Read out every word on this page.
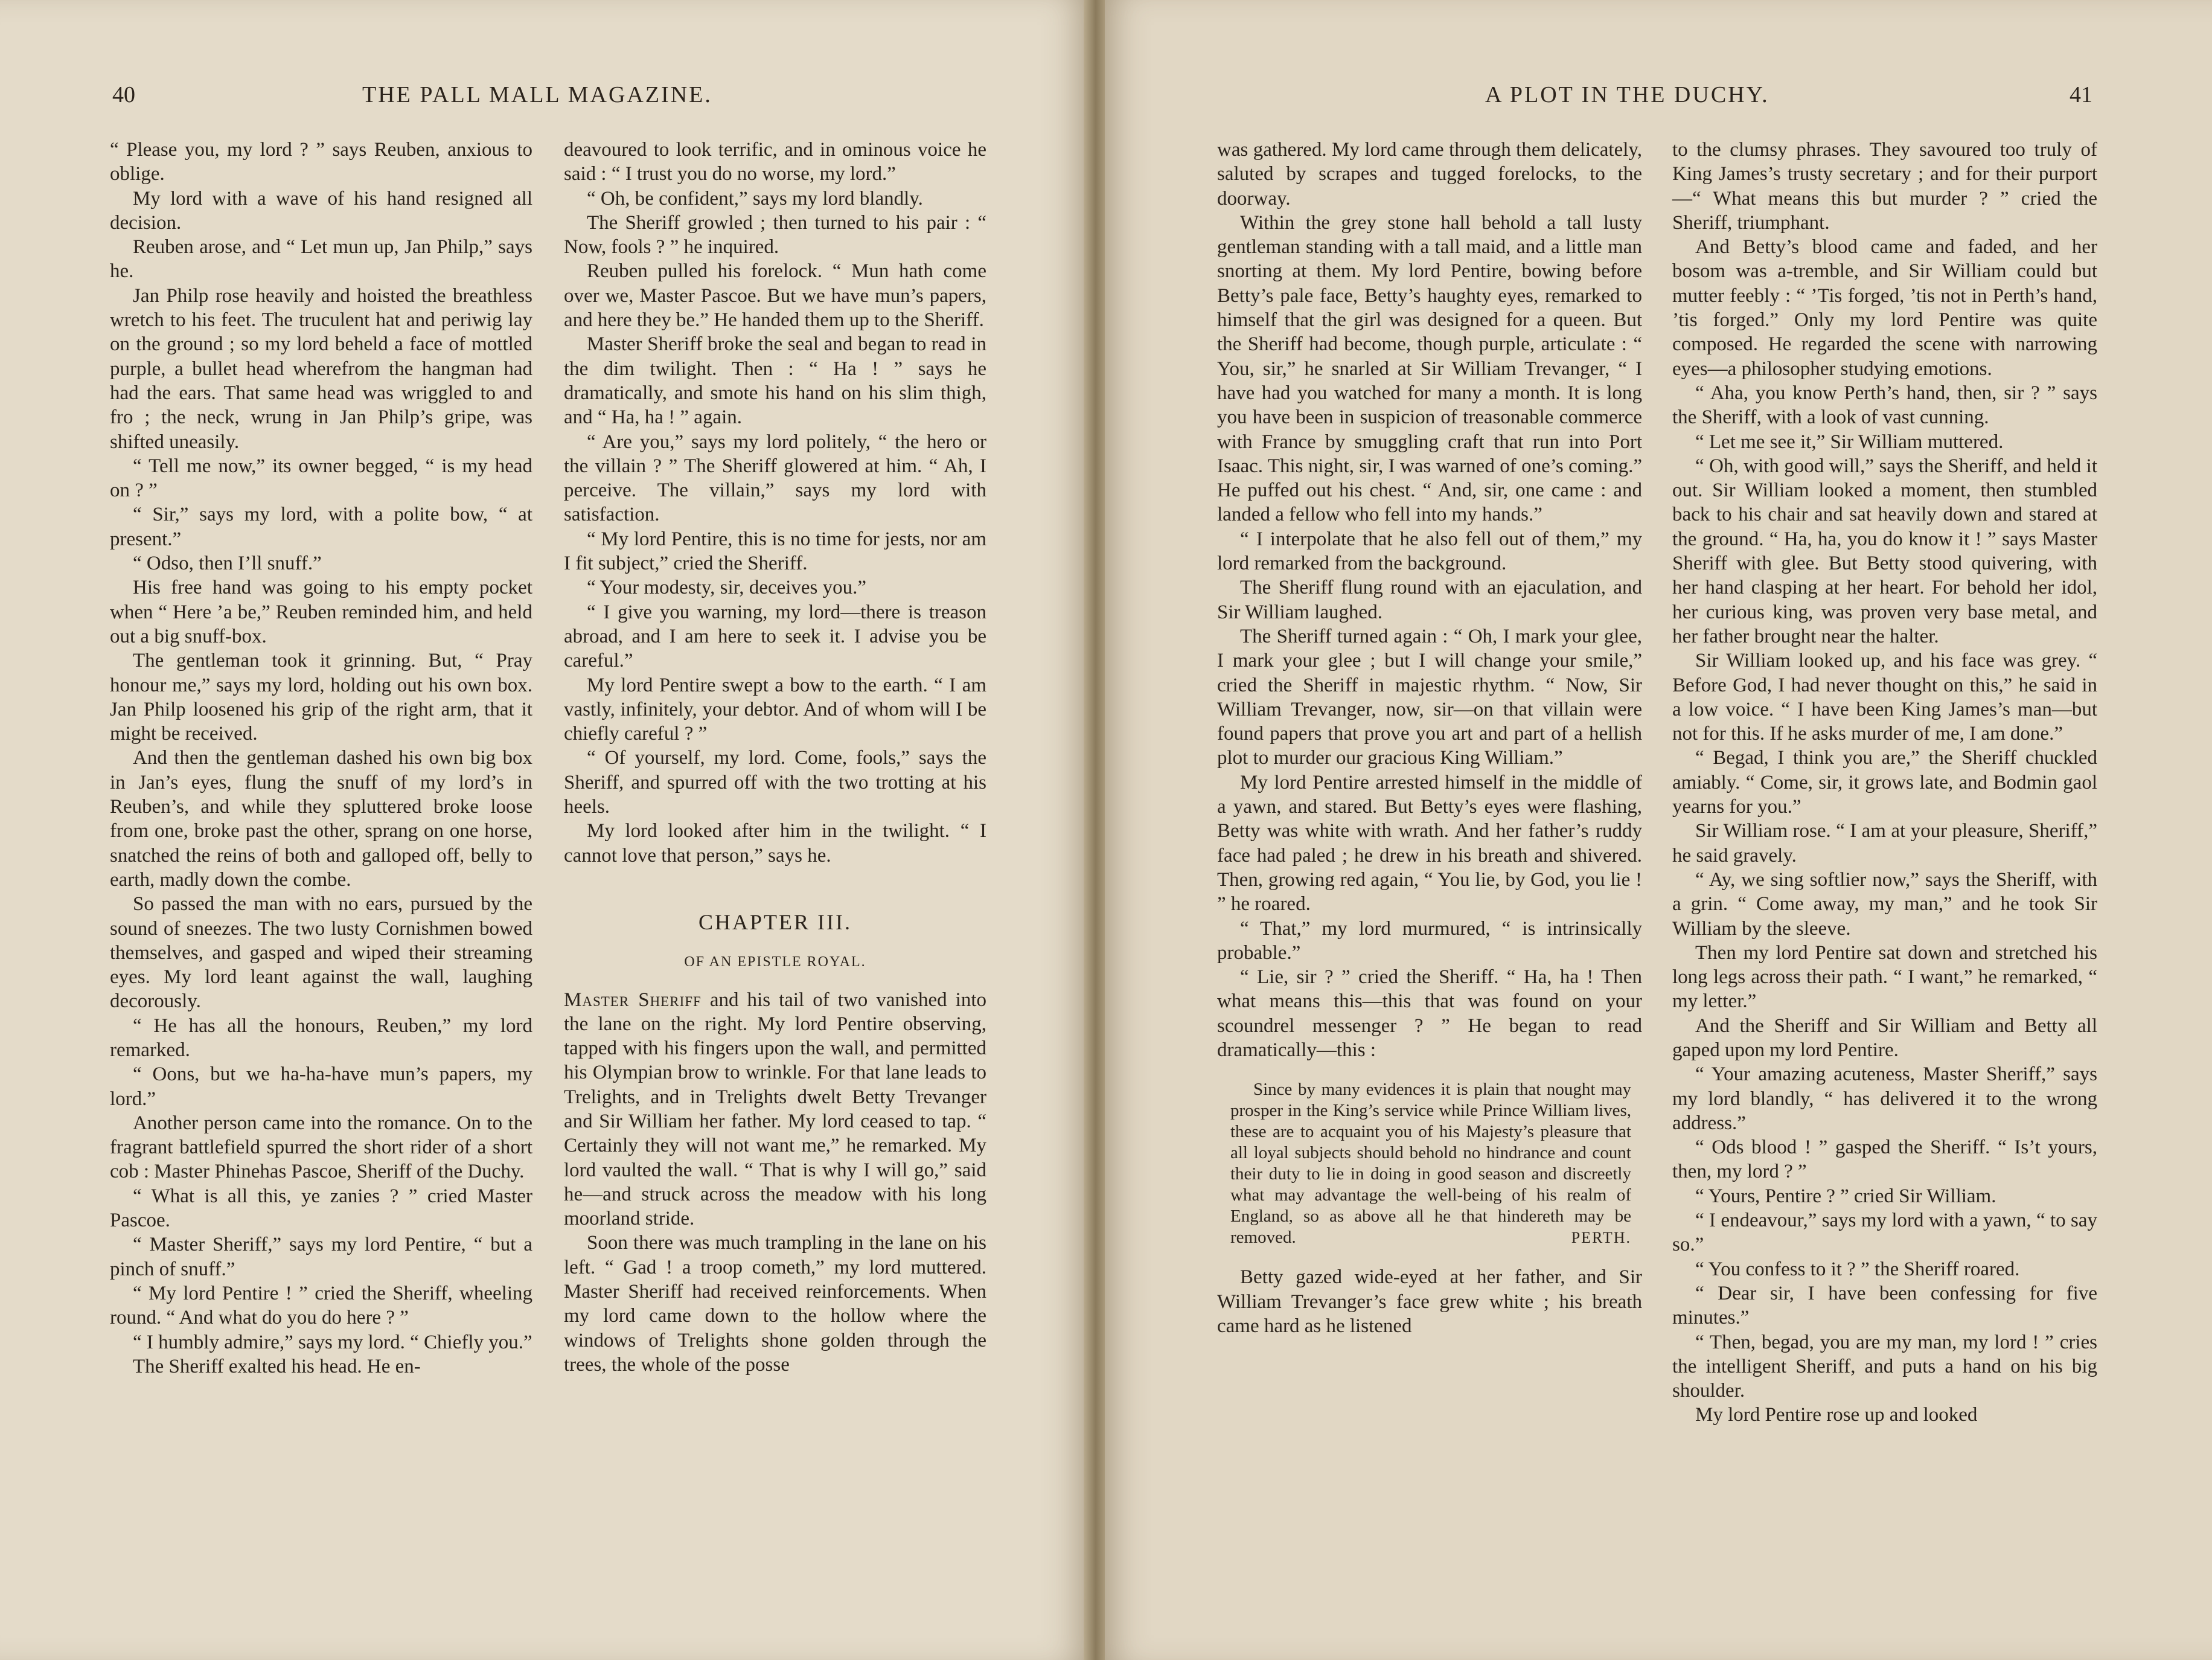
40	THE PALL MALL MAGAZINE.

“ Please you, my lord ? ” says Reuben, anxious to oblige.

My lord with a wave of his hand resigned all decision.

Reuben arose, and “ Let mun up, Jan Philp,” says he.

Jan Philp rose heavily and hoisted the breathless wretch to his feet. The truculent hat and periwig lay on the ground ; so my lord beheld a face of mottled purple, a bullet head wherefrom the hangman had had the ears. That same head was wriggled to and fro ; the neck, wrung in Jan Philp’s gripe, was shifted uneasily.

“ Tell me now,” its owner begged, “ is my head on ? ”

“ Sir,” says my lord, with a polite bow, “ at present.”

“ Odso, then I’ll snuff.”

His free hand was going to his empty pocket when “ Here ’a be,” Reuben reminded him, and held out a big snuff-box.

The gentleman took it grinning. But, “ Pray honour me,” says my lord, holding out his own box. Jan Philp loosened his grip of the right arm, that it might be received.

And then the gentleman dashed his own big box in Jan’s eyes, flung the snuff of my lord’s in Reuben’s, and while they spluttered broke loose from one, broke past the other, sprang on one horse, snatched the reins of both and galloped off, belly to earth, madly down the combe.

So passed the man with no ears, pursued by the sound of sneezes. The two lusty Cornishmen bowed themselves, and gasped and wiped their streaming eyes. My lord leant against the wall, laughing decorously.

“ He has all the honours, Reuben,” my lord remarked.

“ Oons, but we ha-ha-have mun’s papers, my lord.”

Another person came into the romance. On to the fragrant battlefield spurred the short rider of a short cob : Master Phinehas Pascoe, Sheriff of the Duchy.

“ What is all this, ye zanies ? ” cried Master Pascoe.

“ Master Sheriff,” says my lord Pentire, “ but a pinch of snuff.”

“ My lord Pentire ! ” cried the Sheriff, wheeling round. “ And what do you do here ? ”

“ I humbly admire,” says my lord. “ Chiefly you.”

The Sheriff exalted his head. He en-

deavoured to look terrific, and in ominous voice he said : “ I trust you do no worse, my lord.”

“ Oh, be confident,” says my lord blandly.

The Sheriff growled ; then turned to his pair : “ Now, fools ? ” he inquired.

Reuben pulled his forelock. “ Mun hath come over we, Master Pascoe. But we have mun’s papers, and here they be.” He handed them up to the Sheriff.

Master Sheriff broke the seal and began to read in the dim twilight. Then : “ Ha ! ” says he dramatically, and smote his hand on his slim thigh, and “ Ha, ha ! ” again.

“ Are you,” says my lord politely, “ the hero or the villain ? ” The Sheriff glowered at him. “ Ah, I perceive. The villain,” says my lord with satisfaction.

“ My lord Pentire, this is no time for jests, nor am I fit subject,” cried the Sheriff.

“ Your modesty, sir, deceives you.”

“ I give you warning, my lord—there is treason abroad, and I am here to seek it. I advise you be careful.”

My lord Pentire swept a bow to the earth. “ I am vastly, infinitely, your debtor. And of whom will I be chiefly careful ? ”

“ Of yourself, my lord. Come, fools,” says the Sheriff, and spurred off with the two trotting at his heels.

My lord looked after him in the twilight. “ I cannot love that person,” says he.

CHAPTER III.
OF AN EPISTLE ROYAL.

Master Sheriff and his tail of two vanished into the lane on the right. My lord Pentire observing, tapped with his fingers upon the wall, and permitted his Olympian brow to wrinkle. For that lane leads to Trelights, and in Trelights dwelt Betty Trevanger and Sir William her father. My lord ceased to tap. “ Certainly they will not want me,” he remarked. My lord vaulted the wall. “ That is why I will go,” said he—and struck across the meadow with his long moorland stride.

Soon there was much trampling in the lane on his left. “ Gad ! a troop cometh,” my lord muttered. Master Sheriff had received reinforcements. When my lord came down to the hollow where the windows of Trelights shone golden through the trees, the whole of the posse

A PLOT IN THE DUCHY.	41

was gathered. My lord came through them delicately, saluted by scrapes and tugged forelocks, to the doorway.

Within the grey stone hall behold a tall lusty gentleman standing with a tall maid, and a little man snorting at them. My lord Pentire, bowing before Betty’s pale face, Betty’s haughty eyes, remarked to himself that the girl was designed for a queen. But the Sheriff had become, though purple, articulate : “ You, sir,” he snarled at Sir William Trevanger, “ I have had you watched for many a month. It is long you have been in suspicion of treasonable commerce with France by smuggling craft that run into Port Isaac. This night, sir, I was warned of one’s coming.” He puffed out his chest. “ And, sir, one came : and landed a fellow who fell into my hands.”

“ I interpolate that he also fell out of them,” my lord remarked from the background.

The Sheriff flung round with an ejaculation, and Sir William laughed.

The Sheriff turned again : “ Oh, I mark your glee, I mark your glee ; but I will change your smile,” cried the Sheriff in majestic rhythm. “ Now, Sir William Trevanger, now, sir—on that villain were found papers that prove you art and part of a hellish plot to murder our gracious King William.”

My lord Pentire arrested himself in the middle of a yawn, and stared. But Betty’s eyes were flashing, Betty was white with wrath. And her father’s ruddy face had paled ; he drew in his breath and shivered. Then, growing red again, “ You lie, by God, you lie ! ” he roared.

“ That,” my lord murmured, “ is intrinsically probable.”

“ Lie, sir ? ” cried the Sheriff. “ Ha, ha ! Then what means this—this that was found on your scoundrel messenger ? ” He began to read dramatically—this :

Since by many evidences it is plain that nought may prosper in the King’s service while Prince William lives, these are to acquaint you of his Majesty’s pleasure that all loyal subjects should behold no hindrance and count their duty to lie in doing in good season and discreetly what may advantage the well-being of his realm of England, so as above all he that hindereth may be removed.	PERTH.

Betty gazed wide-eyed at her father, and Sir William Trevanger’s face grew white ; his breath came hard as he listened

to the clumsy phrases. They savoured too truly of King James’s trusty secretary ; and for their purport—“ What means this but murder ? ” cried the Sheriff, triumphant.

And Betty’s blood came and faded, and her bosom was a-tremble, and Sir William could but mutter feebly : “ ’Tis forged, ’tis not in Perth’s hand, ’tis forged.” Only my lord Pentire was quite composed. He regarded the scene with narrowing eyes—a philosopher studying emotions.

“ Aha, you know Perth’s hand, then, sir ? ” says the Sheriff, with a look of vast cunning.

“ Let me see it,” Sir William muttered.

“ Oh, with good will,” says the Sheriff, and held it out. Sir William looked a moment, then stumbled back to his chair and sat heavily down and stared at the ground. “ Ha, ha, you do know it ! ” says Master Sheriff with glee. But Betty stood quivering, with her hand clasping at her heart. For behold her idol, her curious king, was proven very base metal, and her father brought near the halter.

Sir William looked up, and his face was grey. “ Before God, I had never thought on this,” he said in a low voice. “ I have been King James’s man—but not for this. If he asks murder of me, I am done.”

“ Begad, I think you are,” the Sheriff chuckled amiably. “ Come, sir, it grows late, and Bodmin gaol yearns for you.”

Sir William rose. “ I am at your pleasure, Sheriff,” he said gravely.

“ Ay, we sing softlier now,” says the Sheriff, with a grin. “ Come away, my man,” and he took Sir William by the sleeve.

Then my lord Pentire sat down and stretched his long legs across their path. “ I want,” he remarked, “ my letter.”

And the Sheriff and Sir William and Betty all gaped upon my lord Pentire.

“ Your amazing acuteness, Master Sheriff,” says my lord blandly, “ has delivered it to the wrong address.”

“ Ods blood ! ” gasped the Sheriff. “ Is’t yours, then, my lord ? ”

“ Yours, Pentire ? ” cried Sir William.

“ I endeavour,” says my lord with a yawn, “ to say so.”

“ You confess to it ? ” the Sheriff roared.

“ Dear sir, I have been confessing for five minutes.”

“ Then, begad, you are my man, my lord ! ” cries the intelligent Sheriff, and puts a hand on his big shoulder.

My lord Pentire rose up and looked
